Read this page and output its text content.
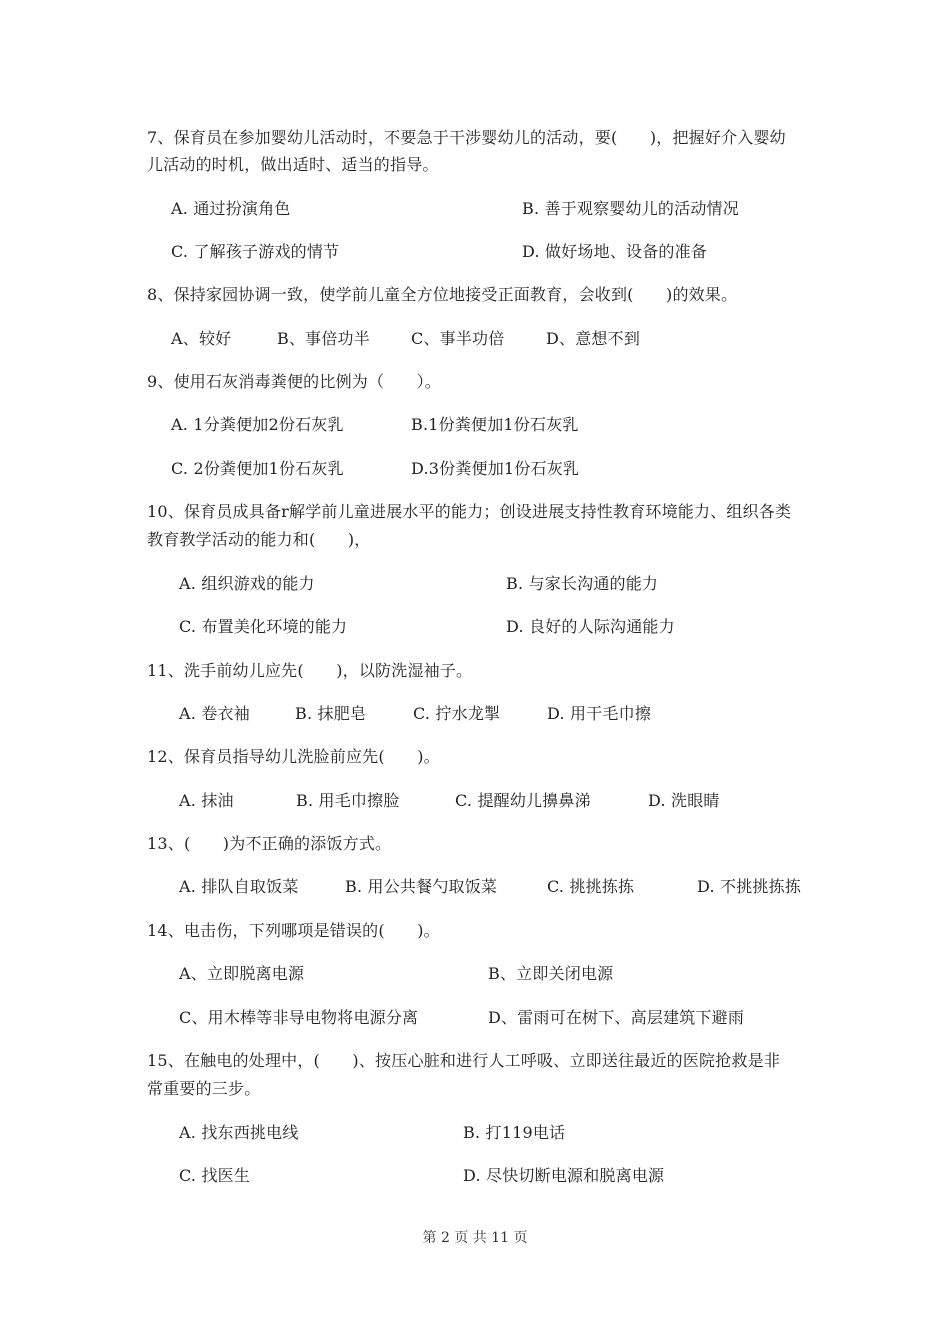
7、保育员在参加婴幼儿活动时，不要急于干涉婴幼儿的活动，要(　　)，把握好介入婴幼
儿活动的时机，做出适时、适当的指导。
A. 通过扮演角色	B. 善于观察婴幼儿的活动情况
C. 了解孩子游戏的情节	D. 做好场地、设备的准备
8、保持家园协调一致，使学前儿童全方位地接受正面教育，会收到(　　)的效果。
A、较好	B、事倍功半	C、事半功倍	D、意想不到
9、使用石灰消毒粪便的比例为（　　）。
A. 1分粪便加2份石灰乳	B.1份粪便加1份石灰乳
C. 2份粪便加1份石灰乳	D.3份粪便加1份石灰乳
10、保育员成具备r解学前儿童进展水平的能力；创设进展支持性教育环境能力、组织各类
教育教学活动的能力和(　　)，
A. 组织游戏的能力	B. 与家长沟通的能力
C. 布置美化环境的能力	D. 良好的人际沟通能力
11、洗手前幼儿应先(　　)，以防洗湿袖子。
A. 卷衣袖	B. 抹肥皂	C. 拧水龙掣	D. 用干毛巾擦
12、保育员指导幼儿洗脸前应先(　　)。
A. 抹油	B. 用毛巾擦脸	C. 提醒幼儿擤鼻涕	D. 洗眼睛
13、(　　)为不正确的添饭方式。
A. 排队自取饭菜	B. 用公共餐勺取饭菜	C. 挑挑拣拣	D. 不挑挑拣拣
14、电击伤，下列哪项是错误的(　　)。
A、立即脱离电源	B、立即关闭电源
C、用木棒等非导电物将电源分离	D、雷雨可在树下、高层建筑下避雨
15、在触电的处理中，(　　)、按压心脏和进行人工呼吸、立即送往最近的医院抢救是非
常重要的三步。
A. 找东西挑电线	B. 打119电话
C. 找医生	D. 尽快切断电源和脱离电源
第 2 页 共 11 页
